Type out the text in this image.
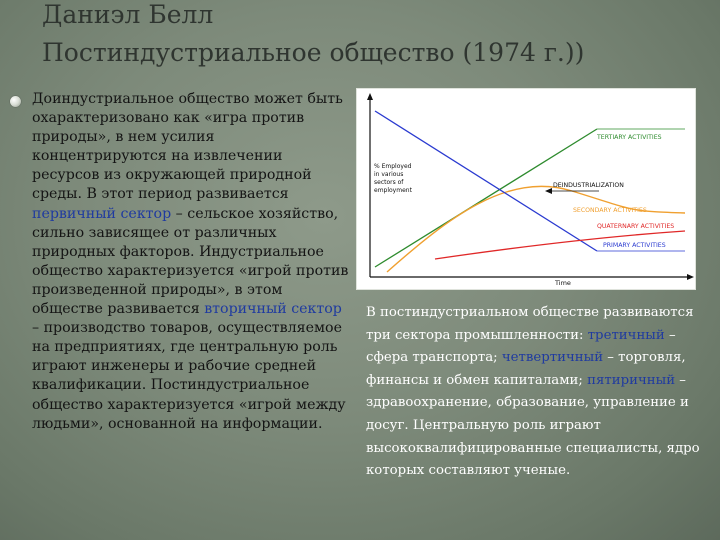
Даниэл Белл
Постиндустриальное общество (1974 г.))

Доиндустриальное общество может быть охарактеризовано как «игра против природы», в нем усилия концентрируются на извлечении ресурсов из окружающей природной среды. В этот период развивается первичный сектор – сельское хозяйство, сильно зависящее от различных природных факторов. Индустриальное общество характеризуется «игрой против произведенной природы», в этом обществе развивается вторичный сектор – производство товаров, осуществляемое на предприятиях, где центральную роль играют инженеры и рабочие средней квалификации. Постиндустриальное общество характеризуется «игрой между людьми», основанной на информации.

% Employed in various sectors of employment
TERTIARY ACTIVITIES
DEINDUSTRIALIZATION
SECONDARY ACTIVITIES
QUATERNARY ACTIVITIES
PRIMARY ACTIVITIES
Time

В постиндустриальном обществе развиваются три сектора промышленности: третичный – сфера транспорта; четвертичный – торговля, финансы и обмен капиталами; пятиричный – здравоохранение, образование, управление и досуг. Центральную роль играют высококвалифицированные специалисты, ядро которых составляют ученые.
